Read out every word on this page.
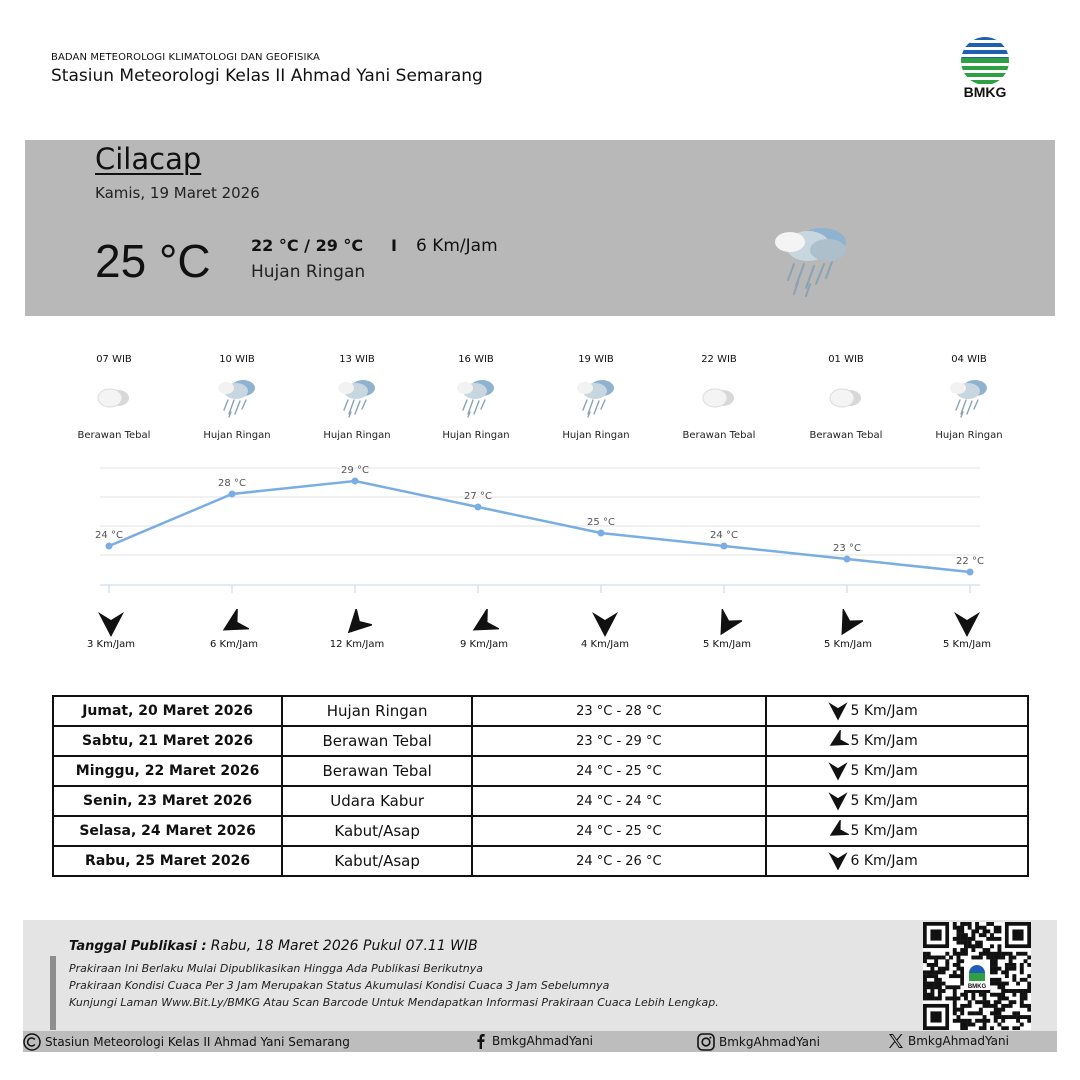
BADAN METEOROLOGI KLIMATOLOGI DAN GEOFISIKA
Stasiun Meteorologi Kelas II Ahmad Yani Semarang
BMKG
Cilacap
Kamis, 19 Maret 2026
25 °C	22 °C / 29 °C I 6 Km/Jam
Hujan Ringan
07 WIB
Berawan Tebal
10 WIB
Hujan Ringan
13 WIB
Hujan Ringan
16 WIB
Hujan Ringan
19 WIB
Hujan Ringan
22 WIB
Berawan Tebal
01 WIB
Berawan Tebal
04 WIB
Hujan Ringan
24 °C
28 °C
29 °C
27 °C
25 °C
24 °C
23 °C
22 °C
3 Km/Jam	6 Km/Jam	12 Km/Jam	9 Km/Jam	4 Km/Jam	5 Km/Jam	5 Km/Jam	5 Km/Jam
Jumat, 20 Maret 2026	Hujan Ringan	23 °C - 28 °C	5 Km/Jam
Sabtu, 21 Maret 2026	Berawan Tebal	23 °C - 29 °C	5 Km/Jam
Minggu, 22 Maret 2026	Berawan Tebal	24 °C - 25 °C	5 Km/Jam
Senin, 23 Maret 2026	Udara Kabur	24 °C - 24 °C	5 Km/Jam
Selasa, 24 Maret 2026	Kabut/Asap	24 °C - 25 °C	5 Km/Jam
Rabu, 25 Maret 2026	Kabut/Asap	24 °C - 26 °C	6 Km/Jam
Tanggal Publikasi : Rabu, 18 Maret 2026 Pukul 07.11 WIB
Prakiraan Ini Berlaku Mulai Dipublikasikan Hingga Ada Publikasi Berikutnya
Prakiraan Kondisi Cuaca Per 3 Jam Merupakan Status Akumulasi Kondisi Cuaca 3 Jam Sebelumnya
Kunjungi Laman Www.Bit.Ly/BMKG Atau Scan Barcode Untuk Mendapatkan Informasi Prakiraan Cuaca Lebih Lengkap.
BMKG
Stasiun Meteorologi Kelas II Ahmad Yani Semarang	BmkgAhmadYani	BmkgAhmadYani	BmkgAhmadYani
